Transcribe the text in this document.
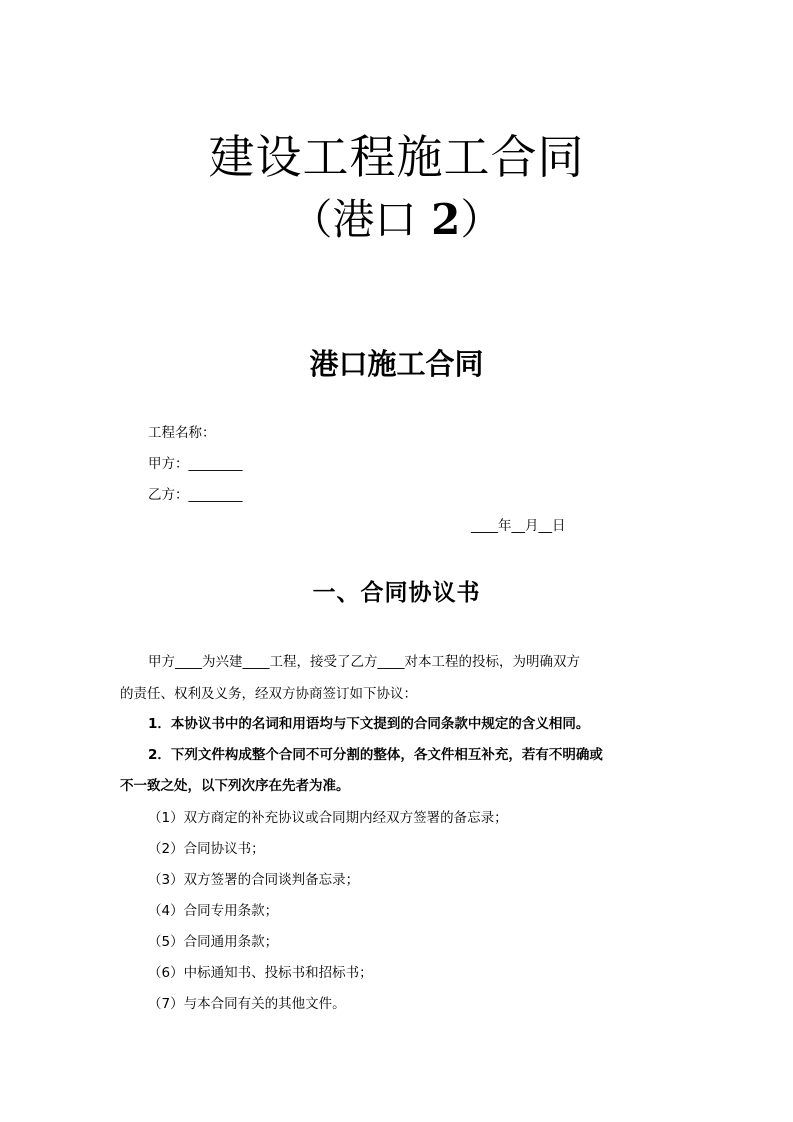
建设工程施工合同
（港口 2）
港口施工合同
工程名称：
甲方：________
乙方：________
____年__月__日
一、合同协议书
甲方____为兴建____工程，接受了乙方____对本工程的投标，为明确双方
的责任、权利及义务，经双方协商签订如下协议：
1．本协议书中的名词和用语均与下文提到的合同条款中规定的含义相同。
2．下列文件构成整个合同不可分割的整体，各文件相互补充，若有不明确或
不一致之处，以下列次序在先者为准。
（1）双方商定的补充协议或合同期内经双方签署的备忘录；
（2）合同协议书；
（3）双方签署的合同谈判备忘录；
（4）合同专用条款；
（5）合同通用条款；
（6）中标通知书、投标书和招标书；
（7）与本合同有关的其他文件。
